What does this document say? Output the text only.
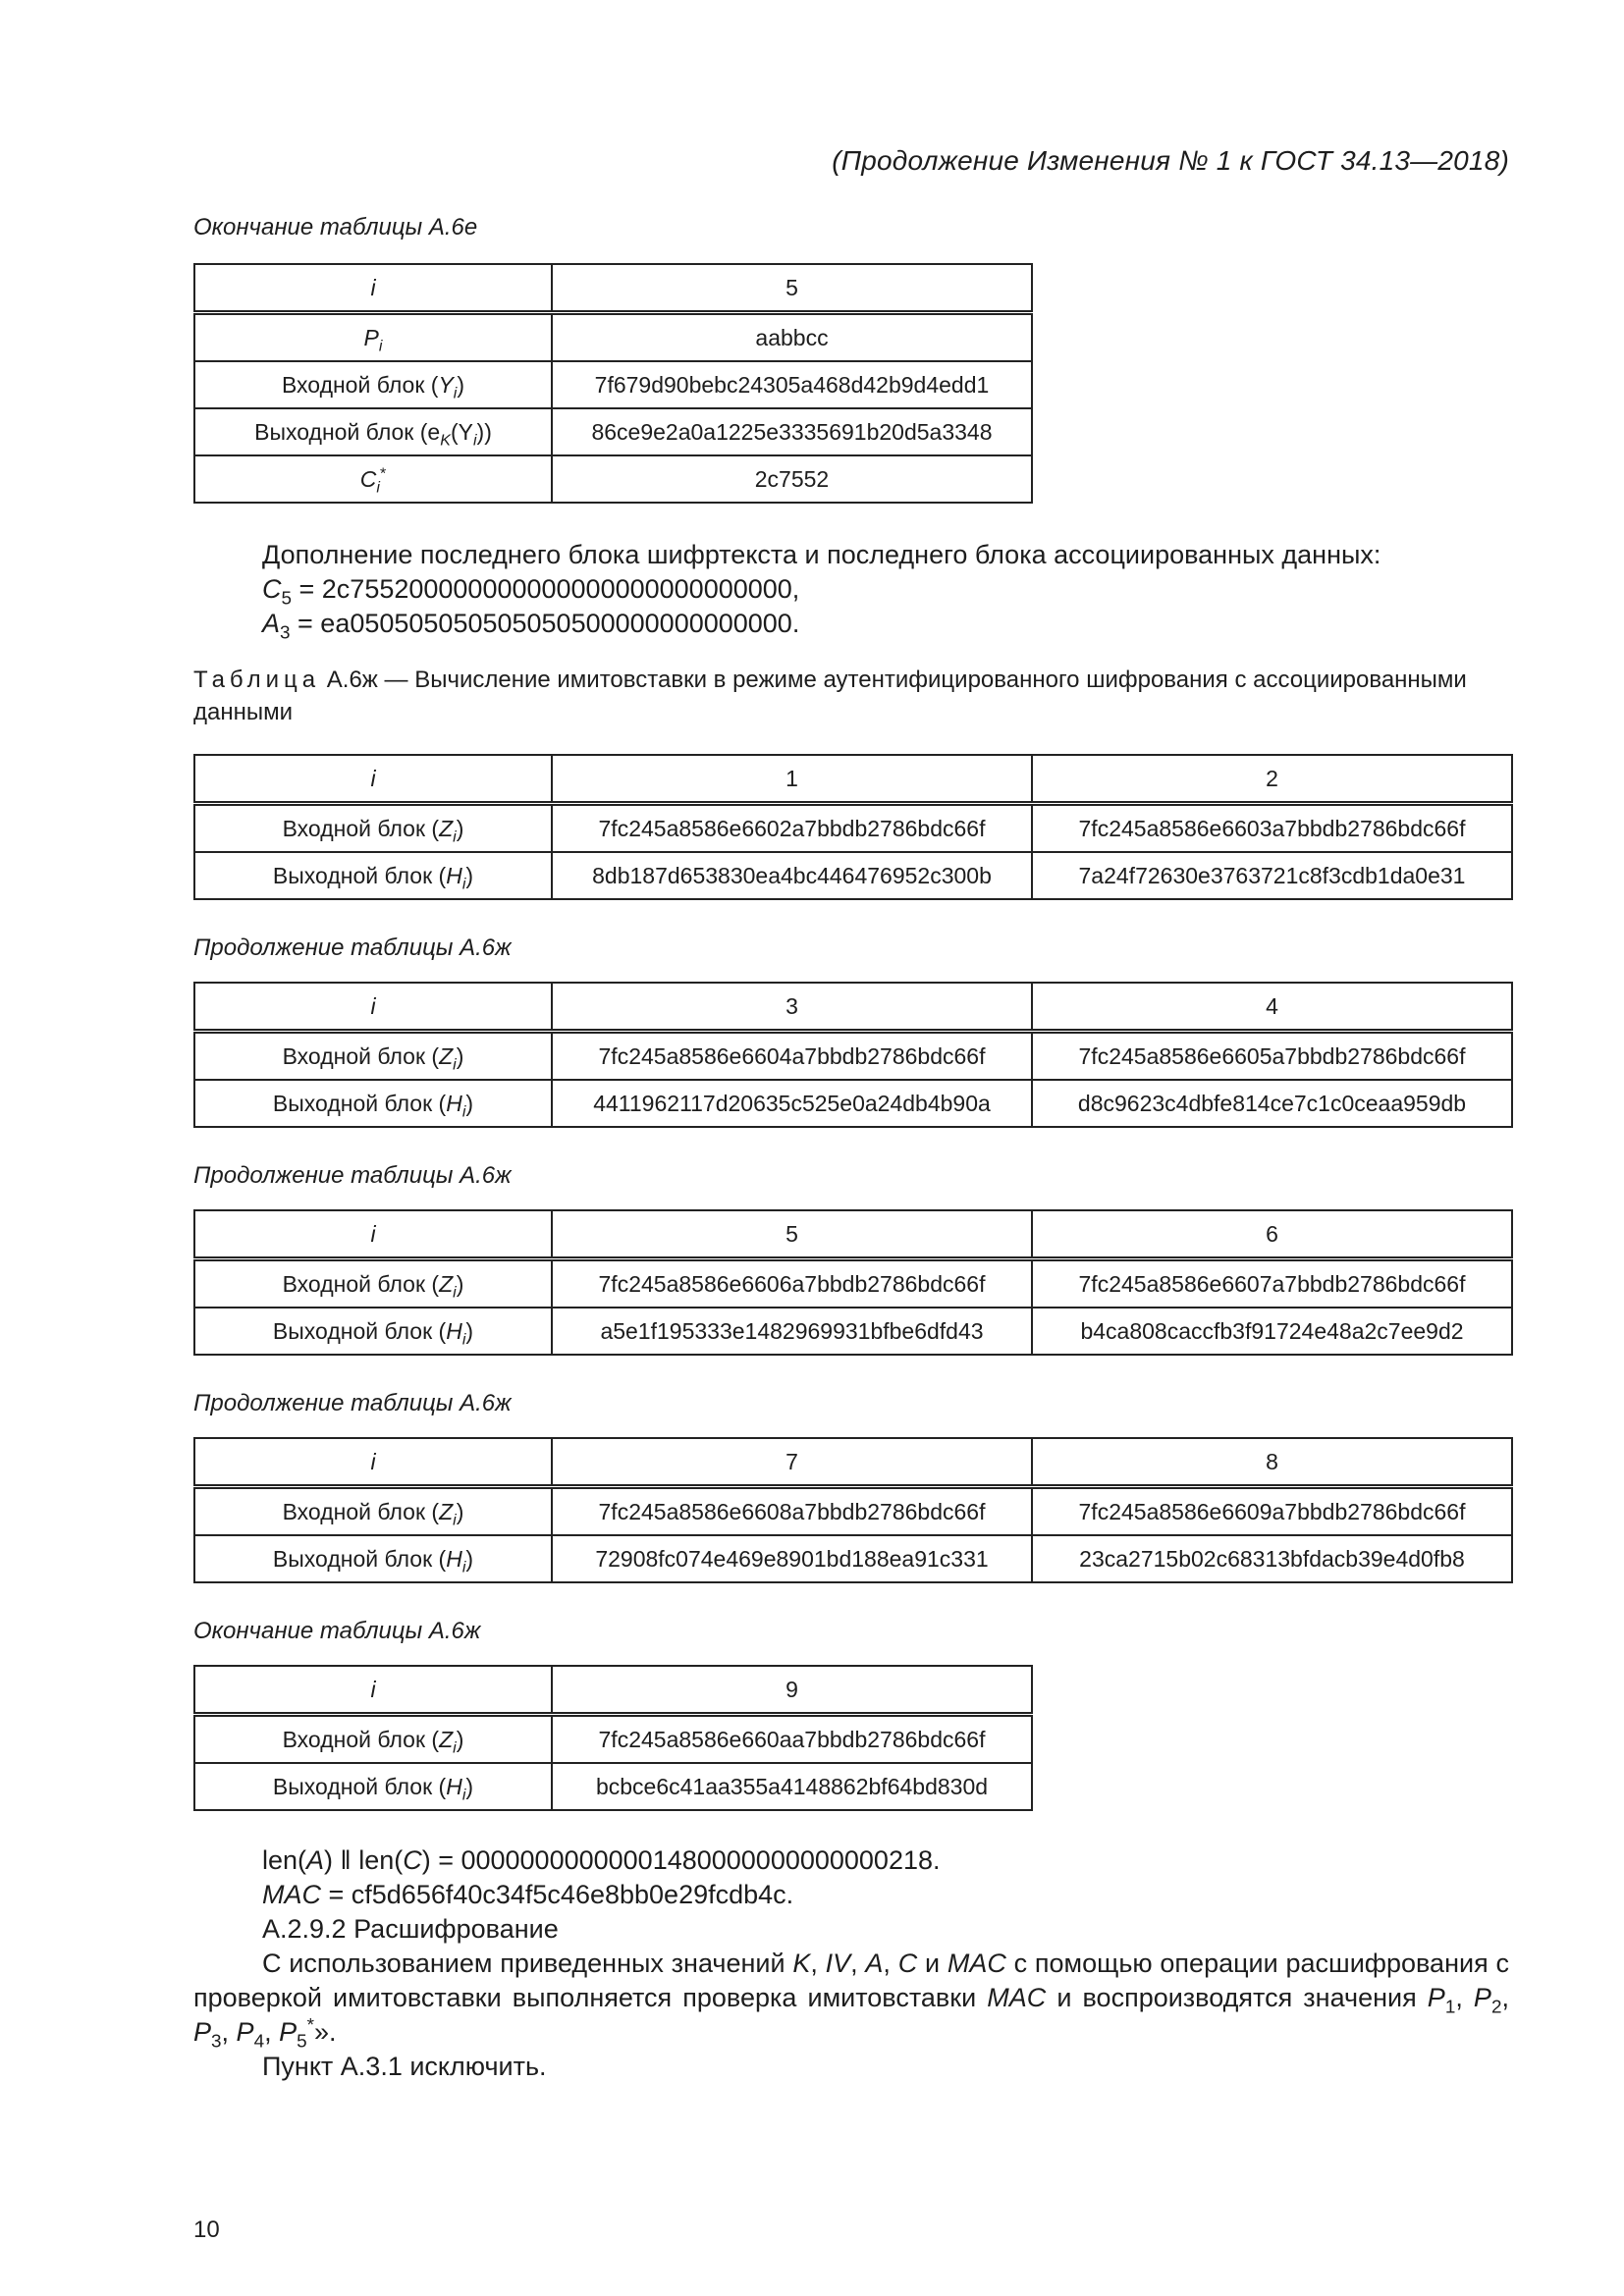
(Продолжение Изменения № 1 к ГОСТ 34.13—2018)
Окончание таблицы А.6е
i	5
$P_i$	aabbcc
Входной блок $(Y_i)$	7f679d90bebc24305a468d42b9d4edd1
Выходной блок $(e_K(Y_i))$	86ce9e2a0a1225e3335691b20d5a3348
$C_i^*$	2c7552
Дополнение последнего блока шифртекста и последнего блока ассоциированных данных:
$C_5 = 2c755200000000000000000000000000$,
$A_3 = ea050505050505050500000000000000$.
Таблица А.6ж — Вычисление имитовставки в режиме аутентифицированного шифрования с ассоциированными данными
i	1	2
Входной блок $(Z_i)$	7fc245a8586e6602a7bbdb2786bdc66f	7fc245a8586e6603a7bbdb2786bdc66f
Выходной блок $(H_i)$	8db187d653830ea4bc446476952c300b	7a24f72630e3763721c8f3cdb1da0e31
Продолжение таблицы А.6ж
i	3	4
Входной блок $(Z_i)$	7fc245a8586e6604a7bbdb2786bdc66f	7fc245a8586e6605a7bbdb2786bdc66f
Выходной блок $(H_i)$	4411962117d20635c525e0a24db4b90a	d8c9623c4dbfe814ce7c1c0ceaa959db
Продолжение таблицы А.6ж
i	5	6
Входной блок $(Z_i)$	7fc245a8586e6606a7bbdb2786bdc66f	7fc245a8586e6607a7bbdb2786bdc66f
Выходной блок $(H_i)$	a5e1f195333e1482969931bfbe6dfd43	b4ca808caccfb3f91724e48a2c7ee9d2
Продолжение таблицы А.6ж
i	7	8
Входной блок $(Z_i)$	7fc245a8586e6608a7bbdb2786bdc66f	7fc245a8586e6609a7bbdb2786bdc66f
Выходной блок $(H_i)$	72908fc074e469e8901bd188ea91c331	23ca2715b02c68313bfdacb39e4d0fb8
Окончание таблицы А.6ж
i	9
Входной блок $(Z_i)$	7fc245a8586e660aa7bbdb2786bdc66f
Выходной блок $(H_i)$	bcbce6c41aa355a4148862bf64bd830d
len(A) ‖ len(C) = 00000000000001480000000000000218.
MAC = cf5d656f40c34f5c46e8bb0e29fcdb4c.
А.2.9.2 Расшифрование
С использованием приведенных значений K, IV, A, C и MAC с помощью операции расшифрования с проверкой имитовставки выполняется проверка имитовставки MAC и воспроизводятся значения $P_1$, $P_2$, $P_3$, $P_4$, $P_5^*$».
Пункт А.3.1 исключить.
10
